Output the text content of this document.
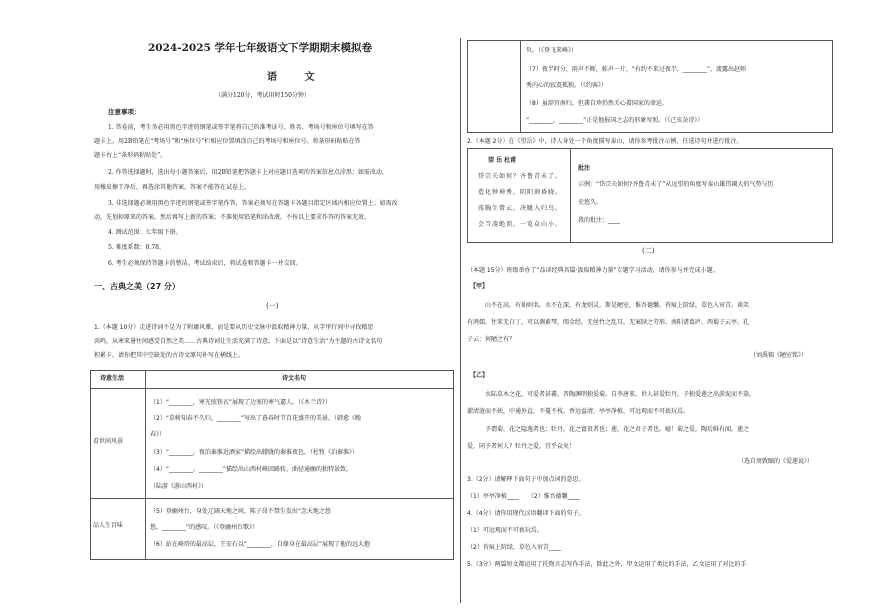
2024-2025 学年七年级语文下学期期末模拟卷
语 文
（满分120分，考试用时150分钟）
注意事项：
1. 答卷前，考生务必用黑色字迹的钢笔或签字笔将自己的准考证号、姓名、考场号和座位号填写在答
题卡上。用2B铅笔在“考场号”和“座位号”栏相应位置填涂自己的考场号和座位号。将条形码粘贴在答
题卡右上“条形码粘贴处”。
2. 作答选择题时，选出每小题答案后，用2B铅笔把答题卡上对应题目选项的答案信息点涂黑；如需改动，
用橡皮擦干净后，再选涂其他答案，答案不能答在试卷上。
3. 非选择题必须用黑色字迹的钢笔或签字笔作答，答案必须写在答题卡各题目指定区域内相应位置上；如需改
动，先划掉原来的答案，然后再写上新的答案；不准使用铅笔和涂改液。不按以上要求作答的答案无效。
4. 测试范围：七年级下册。
5. 难度系数：0.78。
6. 考生必须保持答题卡的整洁。考试结束后，将试卷和答题卡一并交回。
一、古典之美（27 分）
(一)
1.（本题 10分）走进诗词不是为了附庸风雅，而是要从历史文脉中汲取精神力量，从字里行间中寻找精思
共鸣，从寒来暑往间感受自然之美……古典诗词让生活充满了诗意。下面是以“诗意生活”为主题的古诗文名句
积累卡，请你把其中空缺处的古诗文原句补写在横线上。
诗意生活	诗文名句
看世间风景
品人生百味
（1）“________，寒光照铁衣”展现了边塞的寒气逼人。（《木兰诗》）
（2）“草树知春不久归，________”写出了暮春时节百花盛开的美景。（韩愈《晚
春》）
（3）“________，夜泊秦淮近酒家”描绘出朦胧的秦淮夜色。（杜牧《泊秦淮》）
（4）“________，________”描绘出山西村峰回路转、曲径通幽的独特景致。
（陆游《游山西村》）
（5）登幽州台，身处辽阔天地之间，陈子昂不禁生发出“念天地之悠
悠，________”的感叹。（《登幽州台歌》）
（6）站在峰塔的最高层，王安石以“________，自缘身在最高层”展现了他的远大抱
负。（《登飞来峰》）
（7）夜半时分，雨声不断，蛙声一片，“有约不来过夜半，________”，流露出赵师
秀内心的寂寞孤独。（《约客》）
（8）虽辞官南归，但龚自珍仍然关心着国家的命运，
“________，________”正是他报国之志的形象写照。（《己亥杂诗》）
2.（本题 2分）在《望岳》中，诗人身处一个角度描写泰山，请你参考批注示例，任选诗句并进行批注。
望 岳 杜甫
岱宗夫如何？齐鲁青未了。
造化钟神秀，阴阳割昏晓。
荡胸生曾云，决眦入归鸟。
会当凌绝顶，一览众山小。
批注
示例：“岱宗夫如何?齐鲁青未了”从远望的角度写泰山雄伟阔大的气势与历
史悠久。
我的批注：____
(二)
（本题 15分）班级举办了“品读经典名篇·汲取精神力量”专题学习活动，请你参与并完成小题。
【甲】
山不在高，有仙则名。水不在深，有龙则灵。斯是陋室，惟吾德馨。苔痕上阶绿，草色入帘青。谈笑
有鸿儒，往来无白丁。可以调素琴，阅金经。无丝竹之乱耳，无案牍之劳形。南阳诸葛庐，西蜀子云亭。孔
子云：何陋之有？
（刘禹锡《陋室铭》）
【乙】
水陆草木之花，可爱者甚蕃。晋陶渊明独爱菊。自李唐来，世人甚爱牡丹。予独爱莲之出淤泥而不染，
濯清涟而不妖，中通外直，不蔓不枝，香远益清，亭亭净植，可远观而不可亵玩焉。
予谓菊，花之隐逸者也；牡丹，花之富贵者也；莲，花之君子者也。噫！菊之爱，陶后鲜有闻。莲之
爱，同予者何人？牡丹之爱，宜乎众矣！
（选自周敦颐的《爱莲说》）
3.（2分）请解释下面句子中加点词的意思。
（1）亭亭净植____　　（2）惟吾德馨____
4.（4分）请你用现代汉语翻译下面的句子。
（1）可远观而不可亵玩焉。
（2）苔痕上阶绿，草色入帘青____
5.（3分）两篇短文都运用了托物言志写作手法，除此之外，甲文运用了类比的手法，乙文运用了对比的手
